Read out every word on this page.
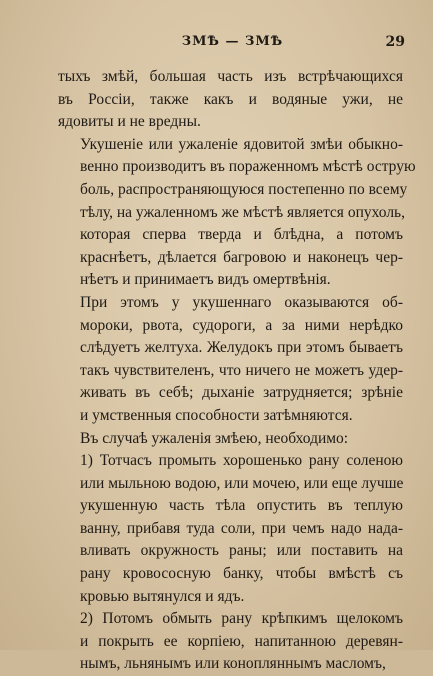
ЗМѢ — ЗМѢ	29

тыхъ змѣй, большая часть изъ встрѣчающихся
въ Россіи, также какъ и водяные ужи, не
ядовиты и не вредны.

Укушеніе или ужаленіе ядовитой змѣи обыкно-
венно производитъ въ пораженномъ мѣстѣ острую
боль, распространяющуюся постепенно по всему
тѣлу, на ужаленномъ же мѣстѣ является опухоль,
которая сперва тверда и блѣдна, а потомъ
краснѣетъ, дѣлается багровою и наконецъ чер-
нѣетъ и принимаетъ видъ омертвѣнія.

При этомъ у укушеннаго оказываются об-
мороки, рвота, судороги, а за ними нерѣдко
слѣдуетъ желтуха. Желудокъ при этомъ бываетъ
такъ чувствителенъ, что ничего не можетъ удер-
живать въ себѣ; дыханіе затрудняется; зрѣніе
и умственныя способности затѣмняются.

Въ случаѣ ужаленія змѣею, необходимо:

1) Тотчасъ промыть хорошенько рану соленою
или мыльною водою, или мочею, или еще лучше
укушенную часть тѣла опустить въ теплую
ванну, прибавя туда соли, при чемъ надо нада-
вливать окружность раны; или поставить на
рану кровососную банку, чтобы вмѣстѣ съ
кровью вытянулся и ядъ.

2) Потомъ обмыть рану крѣпкимъ щелокомъ
и покрыть ее корпіею, напитанною деревян-
нымъ, льнянымъ или конопляннымъ масломъ,
